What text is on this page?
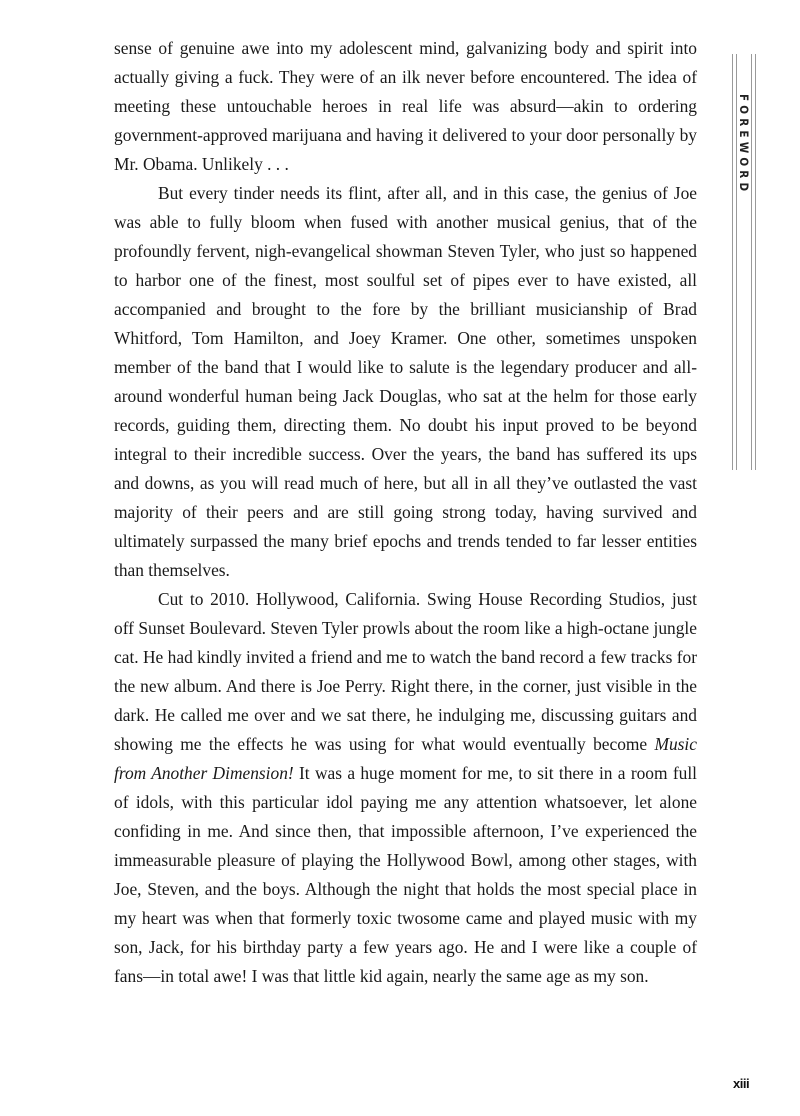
sense of genuine awe into my adolescent mind, galvanizing body and spirit into actually giving a fuck. They were of an ilk never before encountered. The idea of meeting these untouchable heroes in real life was absurd—akin to ordering government-approved marijuana and having it delivered to your door personally by Mr. Obama. Unlikely . . .

But every tinder needs its flint, after all, and in this case, the genius of Joe was able to fully bloom when fused with another musical genius, that of the profoundly fervent, nigh-evangelical showman Steven Tyler, who just so happened to harbor one of the finest, most soulful set of pipes ever to have existed, all accompanied and brought to the fore by the brilliant musicianship of Brad Whitford, Tom Hamilton, and Joey Kramer. One other, sometimes unspoken member of the band that I would like to salute is the legendary producer and all-around wonderful human being Jack Douglas, who sat at the helm for those early records, guiding them, directing them. No doubt his input proved to be beyond integral to their incredible success. Over the years, the band has suffered its ups and downs, as you will read much of here, but all in all they’ve outlasted the vast majority of their peers and are still going strong today, having survived and ultimately surpassed the many brief epochs and trends tended to far lesser entities than themselves.

Cut to 2010. Hollywood, California. Swing House Recording Studios, just off Sunset Boulevard. Steven Tyler prowls about the room like a high-octane jungle cat. He had kindly invited a friend and me to watch the band record a few tracks for the new album. And there is Joe Perry. Right there, in the corner, just visible in the dark. He called me over and we sat there, he indulging me, discussing guitars and showing me the effects he was using for what would eventually become Music from Another Dimension! It was a huge moment for me, to sit there in a room full of idols, with this particular idol paying me any attention whatsoever, let alone confiding in me. And since then, that impossible afternoon, I’ve experienced the immeasurable pleasure of playing the Hollywood Bowl, among other stages, with Joe, Steven, and the boys. Although the night that holds the most special place in my heart was when that formerly toxic twosome came and played music with my son, Jack, for his birthday party a few years ago. He and I were like a couple of fans—in total awe! I was that little kid again, nearly the same age as my son.

FOREWORD
xiii
